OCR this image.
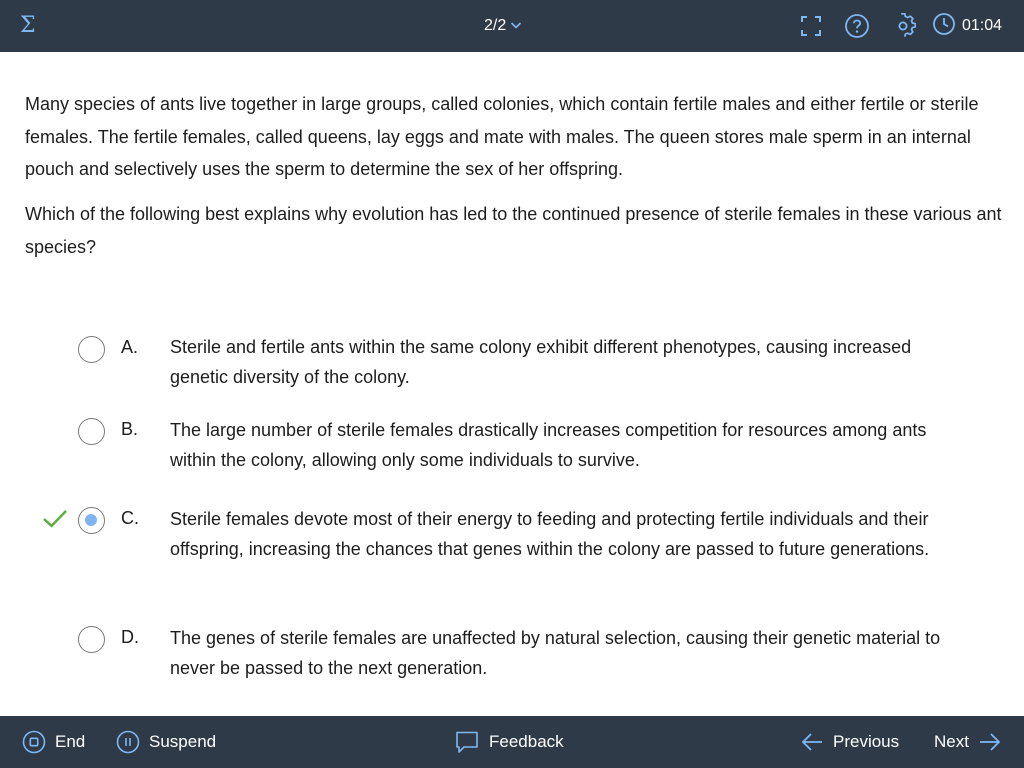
Σ	2/2	01:04
Many species of ants live together in large groups, called colonies, which contain fertile males and either fertile or sterile females. The fertile females, called queens, lay eggs and mate with males. The queen stores male sperm in an internal pouch and selectively uses the sperm to determine the sex of her offspring.
Which of the following best explains why evolution has led to the continued presence of sterile females in these various ant species?
A. Sterile and fertile ants within the same colony exhibit different phenotypes, causing increased genetic diversity of the colony.
B. The large number of sterile females drastically increases competition for resources among ants within the colony, allowing only some individuals to survive.
C. Sterile females devote most of their energy to feeding and protecting fertile individuals and their offspring, increasing the chances that genes within the colony are passed to future generations.
D. The genes of sterile females are unaffected by natural selection, causing their genetic material to never be passed to the next generation.
End	Suspend	Feedback	Previous Next
